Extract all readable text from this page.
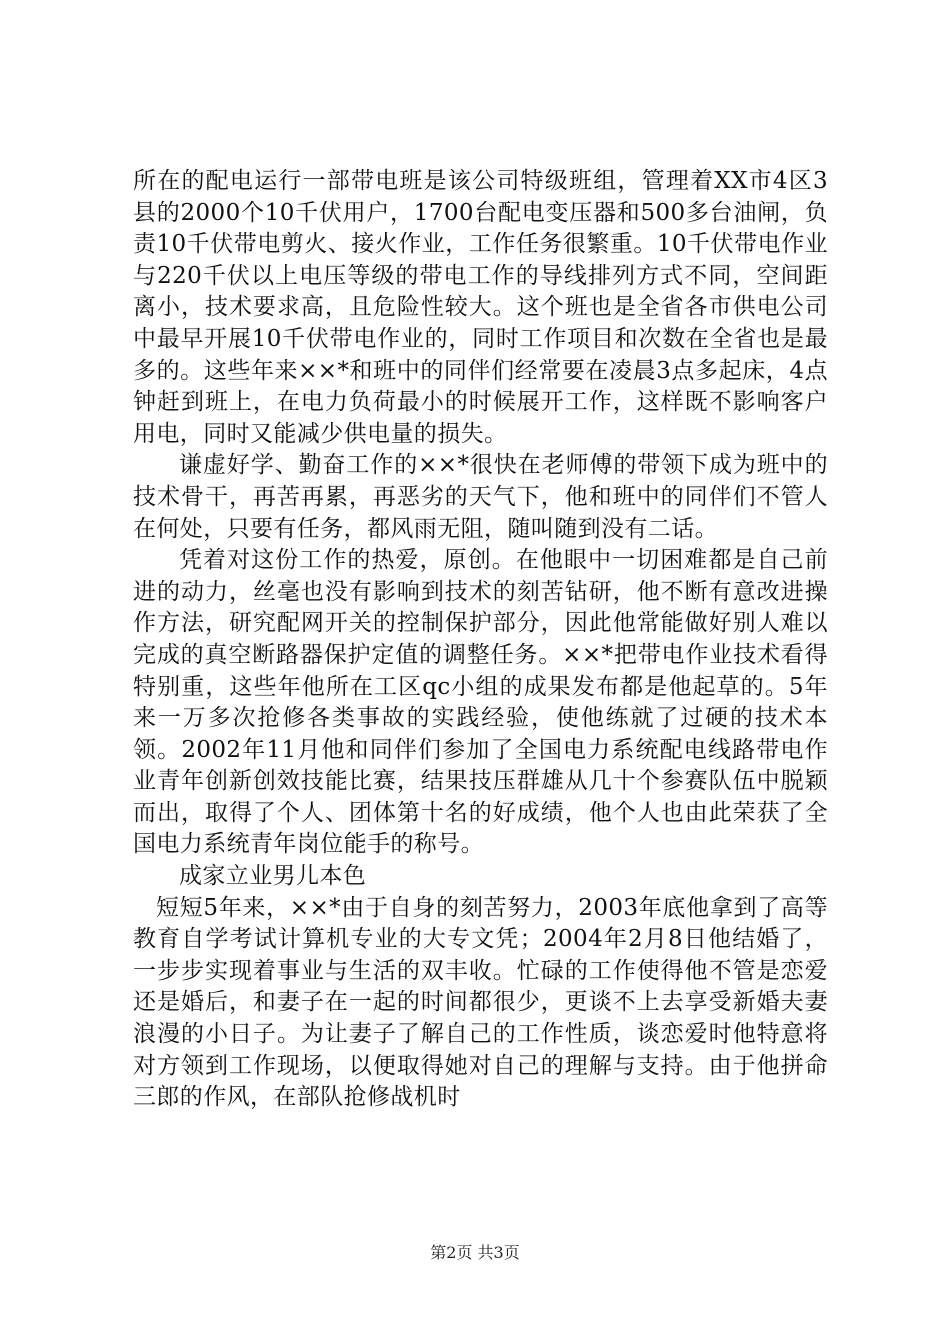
所在的配电运行一部带电班是该公司特级班组，管理着XX市4区3县的2000个10千伏用户，1700台配电变压器和500多台油闸，负责10千伏带电剪火、接火作业，工作任务很繁重。10千伏带电作业与220千伏以上电压等级的带电工作的导线排列方式不同，空间距离小，技术要求高，且危险性较大。这个班也是全省各市供电公司中最早开展10千伏带电作业的，同时工作项目和次数在全省也是最多的。这些年来××*和班中的同伴们经常要在凌晨3点多起床，4点钟赶到班上，在电力负荷最小的时候展开工作，这样既不影响客户用电，同时又能减少供电量的损失。

谦虚好学、勤奋工作的××*很快在老师傅的带领下成为班中的技术骨干，再苦再累，再恶劣的天气下，他和班中的同伴们不管人在何处，只要有任务，都风雨无阻，随叫随到没有二话。

凭着对这份工作的热爱，原创。在他眼中一切困难都是自己前进的动力，丝毫也没有影响到技术的刻苦钻研，他不断有意改进操作方法，研究配网开关的控制保护部分，因此他常能做好别人难以完成的真空断路器保护定值的调整任务。××*把带电作业技术看得特别重，这些年他所在工区qc小组的成果发布都是他起草的。5年来一万多次抢修各类事故的实践经验，使他练就了过硬的技术本领。2002年11月他和同伴们参加了全国电力系统配电线路带电作业青年创新创效技能比赛，结果技压群雄从几十个参赛队伍中脱颖而出，取得了个人、团体第十名的好成绩，他个人也由此荣获了全国电力系统青年岗位能手的称号。

成家立业男儿本色

短短5年来，××*由于自身的刻苦努力，2003年底他拿到了高等教育自学考试计算机专业的大专文凭；2004年2月8日他结婚了，一步步实现着事业与生活的双丰收。忙碌的工作使得他不管是恋爱还是婚后，和妻子在一起的时间都很少，更谈不上去享受新婚夫妻浪漫的小日子。为让妻子了解自己的工作性质，谈恋爱时他特意将对方领到工作现场，以便取得她对自己的理解与支持。由于他拼命三郎的作风，在部队抢修战机时

第2页 共3页
